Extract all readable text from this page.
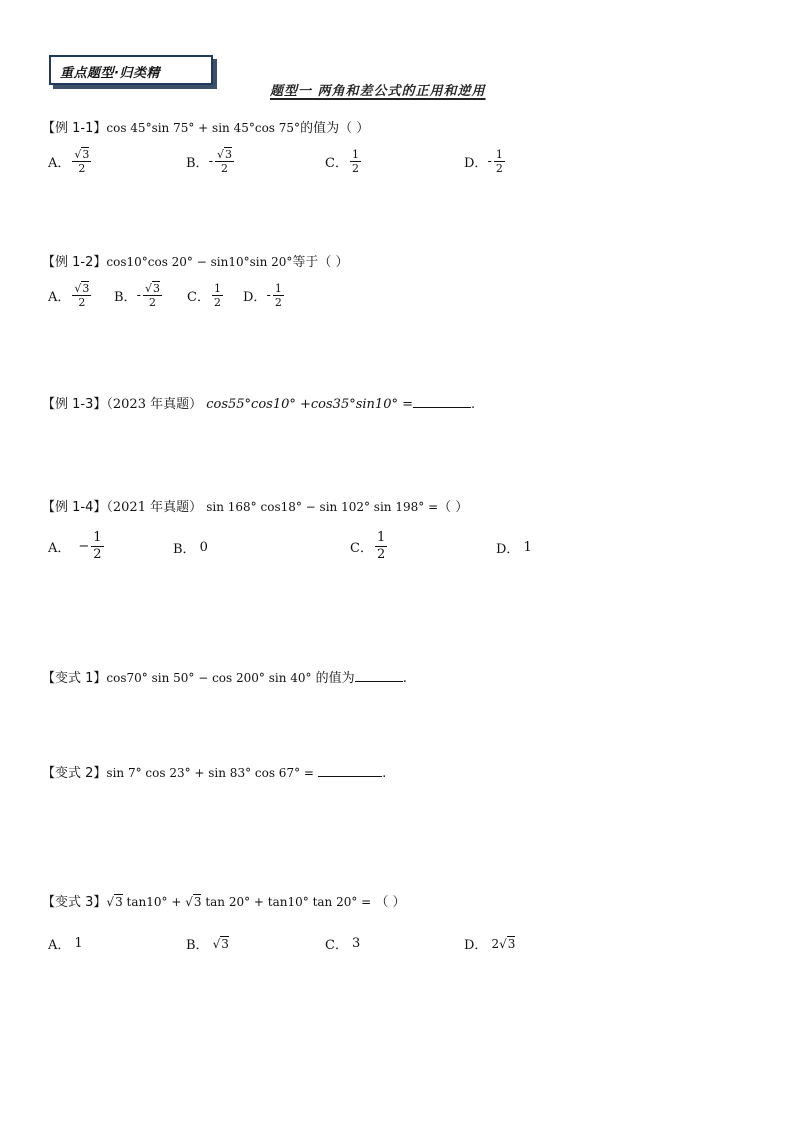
重点题型·归类精
题型一 两角和差公式的正用和逆用
【例 1-1】cos 45°sin 75° + sin 45°cos 75°的值为（ ）
A． $\frac{√3}{2}$	B． - $\frac{√3}{2}$	C． $\frac{1}{2}$	D． - $\frac{1}{2}$
【例 1-2】cos10°cos 20° − sin10°sin 20°等于（ ）
A． $\frac{√3}{2}$ B． - $\frac{√3}{2}$ C． $\frac{1}{2}$ D． - $\frac{1}{2}$
【例 1-3】（2023 年真题） cos55°cos10° +cos35°sin10° =	.
【例 1-4】（2021 年真题） sin 168° cos18° − sin 102° sin 198° =（ ）
A． − $\frac{1}{2}$	B． 0	C． $\frac{1}{2}$	D． 1
【变式 1】cos70° sin 50° − cos 200° sin 40° 的值为	.
【变式 2】sin 7° cos 23° + sin 83° cos 67° =	.
【变式 3】√3 tan10° + √3 tan 20° + tan10° tan 20° = （ ）
A． 1	B． √3	C． 3	D． 2√3
